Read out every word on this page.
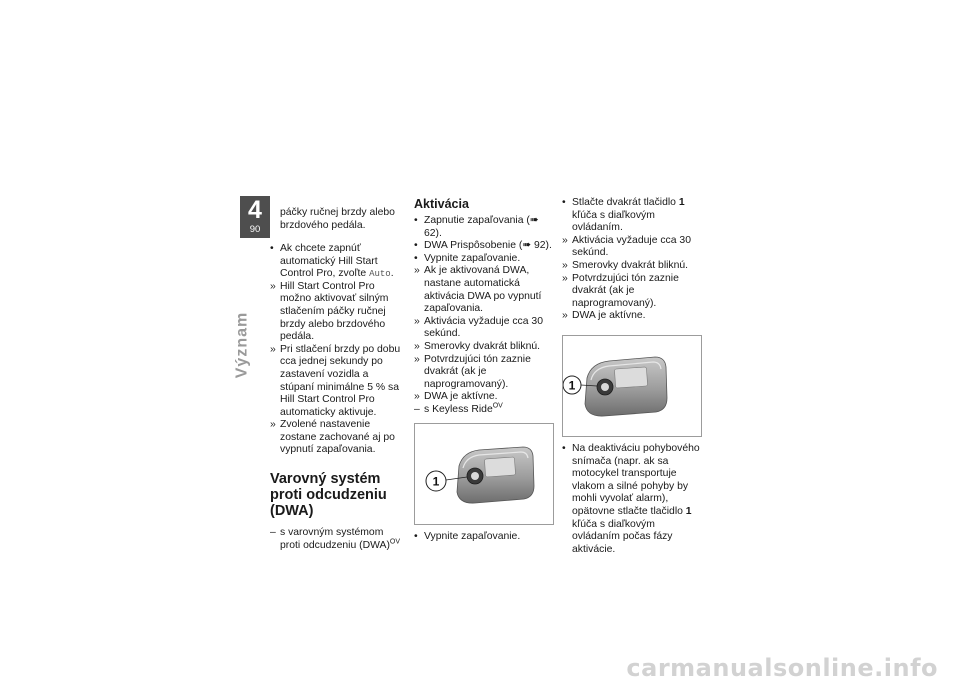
4
90
Význam

páčky ručnej brzdy alebo brzdového pedála.

• Ak chcete zapnúť automatický Hill Start Control Pro, zvoľte Auto.

» Hill Start Control Pro možno aktivovať silným stlačením páčky ručnej brzdy alebo brzdového pedála.

» Pri stlačení brzdy po dobu cca jednej sekundy po zastavení vozidla a stúpaní minimálne 5 % sa Hill Start Control Pro automaticky aktivuje.

» Zvolené nastavenie zostane zachované aj po vypnutí zapaľovania.

Varovný systém proti odcudzeniu (DWA)

– s varovným systémom proti odcudzeniu (DWA)$^{OV}$

Aktivácia

• Zapnutie zapaľovania (➠ 62).

• DWA Prispôsobenie (➠ 92).

• Vypnite zapaľovanie.

» Ak je aktivovaná DWA, nastane automatická aktivácia DWA po vypnutí zapaľovania.

» Aktivácia vyžaduje cca 30 sekúnd.

» Smerovky dvakrát bliknú.

» Potvrdzujúci tón zaznie dvakrát (ak je naprogramovaný).

» DWA je aktívne.

– s Keyless Ride$^{OV}$

1

• Vypnite zapaľovanie.

• Stlačte dvakrát tlačidlo 1 kľúča s diaľkovým ovládaním.

» Aktivácia vyžaduje cca 30 sekúnd.

» Smerovky dvakrát bliknú.

» Potvrdzujúci tón zaznie dvakrát (ak je naprogramovaný).

» DWA je aktívne.

1

• Na deaktiváciu pohybového snímača (napr. ak sa motocykel transportuje vlakom a silné pohyby by mohli vyvolať alarm), opätovne stlačte tlačidlo 1 kľúča s diaľkovým ovládaním počas fázy aktivácie.

carmanualsonline.info
